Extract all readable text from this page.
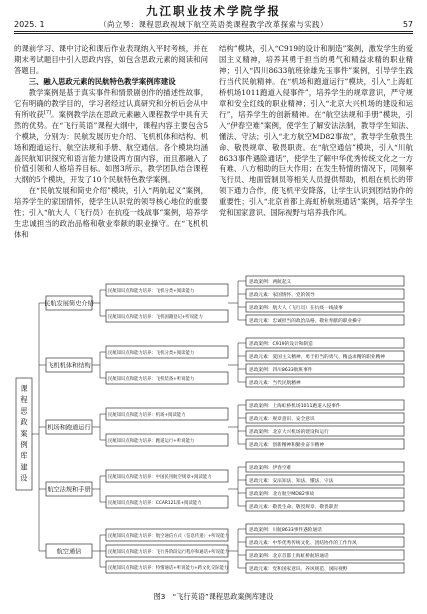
九江职业技术学院学报
2025. 1	（尚立琴：课程思政视域下航空英语类课程教学改革探索与实践）	57

的课前学习、课中讨论和课后作业表现纳入平时考核，并在期末考试题目中引入思政内容，如包含思政元素的阅读和问答题目。

三、融入思政元素的民航特色教学案例库建设

教学案例是基于真实事件和情景剧创作的描述性故事，它有明确的教学目的，学习者经过认真研究和分析后会从中有所收获[7]。案例教学法在思政元素融入课程教学中具有天然的优势。在“飞行英语”课程大纲中，课程内容主要包含5个模块，分别为：民航发展历史介绍、飞机机体和结构、机场和跑道运行、航空法规和手册、航空通信。各个模块均涵盖民航知识探究和语言能力建设两方面内容，而且都融入了价值引领和人格培养目标。如图3所示，教学团队结合课程大纲的5个模块，开发了10个民航特色教学案例。

在“民航发展和简史介绍”模块，引入“两航起义”案例，培养学生的家国情怀，使学生认识党的领导核心地位的重要性；引入“航大人（飞行员）在抗疫一线战事”案例，培养学生忠诚担当的政治品格和敬业奉献的职业操守。在“飞机机体和

结构”模块，引入“C919的设计和制造”案例，激发学生的爱国主义精神，培养其勇于担当的勇气和精益求精的职业精神；引入“四川8633航班徐雄先玉事件”案例，引导学生践行当代民航精神。在“机场和跑道运行”模块，引入“上海虹桥机场1011跑道入侵事件”，培养学生的规章意识，严守规章和安全红线的职业精神；引入“北京大兴机场的建设和运行”，培养学生的创新精神。在“航空法规和手册”模块，引入“伊春空难”案例，使学生了解安法法制，教导学生知法、懂法、守法；引入“北方航空MD82事故”，教导学生敬畏生命、敬畏规章、敬畏职责。在“航空通信”模块，引入“川航8633事件遇险通话”，使学生了解中华优秀传统文化之一方有难、八方相助的巨大作用；在发生特情的情况下，同频率飞行员、地面管制员等相关人员提供帮助，机组在机长的带领下通力合作，使飞机平安降落，让学生认识到团结协作的重要性；引入“北京首都上海虹桥航班通话”案例，培养学生党和国家意识、国际视野与培养我作风。

课
程
思
政
案
例
库
建
设
民航发展简史介绍
民航知识点和能力培养：飞机分类+阅读能力
民航知识点和能力培养：飞机国籍登记+听说能力
思政案例：两航起义
思政元素：家国情怀、党的领导
思政案例：航大人（飞行员）在抗疫一线战事
思政元素：忠诚担当的政治品格、敬业奉献的职业操守
飞机机体和结构
民航知识点和能力培养：飞机分类+阅读能力
民航知识点和能力培养：飞机装备+听说能力
思政案例：C919的设计和制造
思政元素：爱国主义精神、勇于担当的勇气、精益求精的职业精神
思政案例：四川8633航班事件
思政元素：当代民航精神
机场和跑道运行
民航知识点和能力培养：机场+阅读能力
民航知识点和能力培养：跑道运行+听说能力
思政案例：上海虹桥机场1011跑道入侵事件
思政元素：规章意识、安全意识
思政案例：北京大兴机场的建设和运行
思政元素：创新精神和勤业奋斗精神
航空法规和手册
民航知识点和能力培养：中国民用航空规章+阅读能力
民航知识点和能力培养：CCAR121部+阅读能力
思政案例：伊春空难
思政元素：安法知法、知法、懂法、守法
思政案例：北方航空MD82事故
思政元素：敬畏生命、敬畏规章、敬畏职责
航空通信
民航知识点和能力培养：航空通信方式（信息传递）+听说能力
民航知识点和能力培养：飞行各阶段运行程序和通话+听说能力
民航知识点和能力培养：特情通话+听说能力+跨文化交际能力
思政案例：川航8633事件遇险通话
思政元素：中华优秀传统文化、团结协作的工作作风
思政案例：北京首都上海虹桥航班通话
思政元素：党和国家意识、养风规范、国际视野
图3　“飞行英语”课程思政案例库建设
